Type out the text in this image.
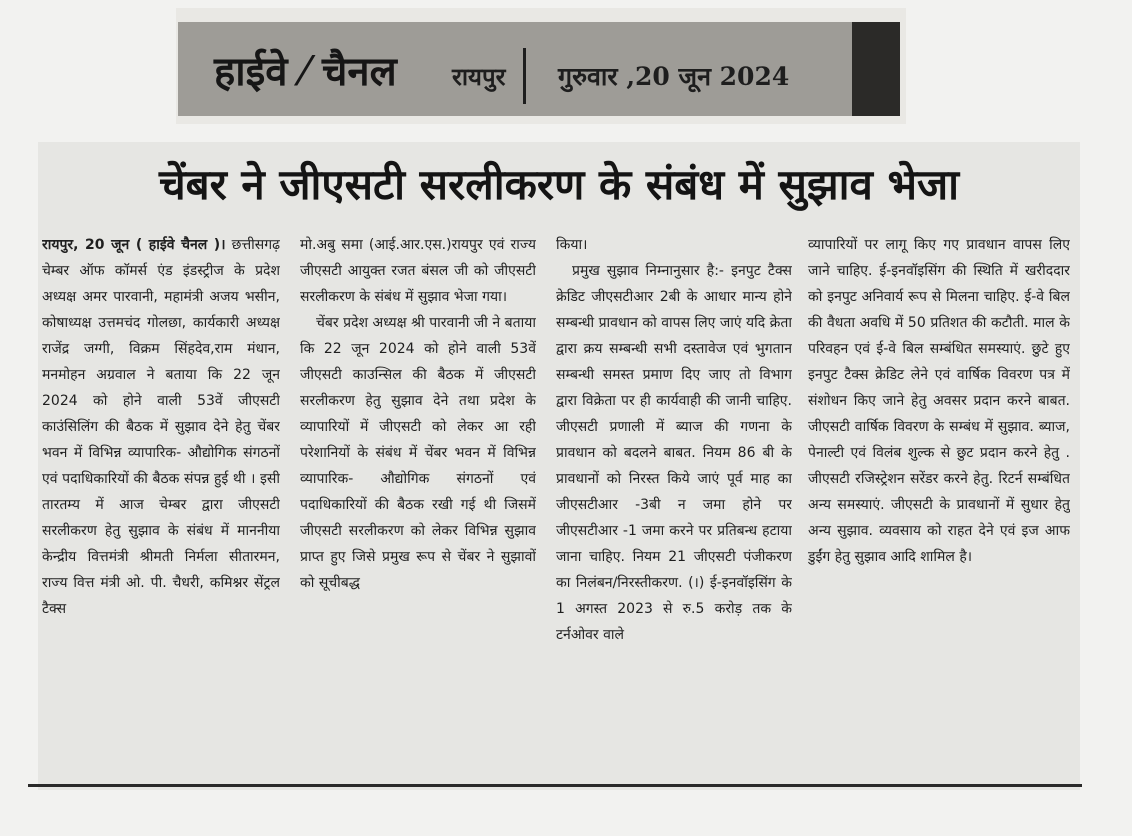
हाईवे ⁄ चैनल रायपुर गुरुवार ,20 जून 2024
चेंबर ने जीएसटी सरलीकरण के संबंध में सुझाव भेजा

रायपुर, 20 जून ( हाईवे चैनल )। छत्तीसगढ़ चेम्बर ऑफ कॉमर्स एंड इंडस्ट्रीज के प्रदेश अध्यक्ष अमर पारवानी, महामंत्री अजय भसीन, कोषाध्यक्ष उत्तमचंद गोलछा, कार्यकारी अध्यक्ष राजेंद्र जग्गी, विक्रम सिंहदेव,राम मंधान, मनमोहन अग्रवाल ने बताया कि 22 जून 2024 को होने वाली 53वें जीएसटी काउंसिलिंग की बैठक में सुझाव देने हेतु चेंबर भवन में विभिन्न व्यापारिक- औद्योगिक संगठनों एवं पदाधिकारियों की बैठक संपन्न हुई थी । इसी तारतम्य में आज चेम्बर द्वारा जीएसटी सरलीकरण हेतु सुझाव के संबंध में माननीया केन्द्रीय वित्तमंत्री श्रीमती निर्मला सीतारमन, राज्य वित्त मंत्री ओ. पी. चैधरी, कमिश्नर सेंट्रल टैक्स

मो.अबु समा (आई.आर.एस.)रायपुर एवं राज्य जीएसटी आयुक्त रजत बंसल जी को जीएसटी सरलीकरण के संबंध में सुझाव भेजा गया।

चेंबर प्रदेश अध्यक्ष श्री पारवानी जी ने बताया कि 22 जून 2024 को होने वाली 53वें जीएसटी काउन्सिल की बैठक में जीएसटी सरलीकरण हेतु सुझाव देने तथा प्रदेश के व्यापारियों में जीएसटी को लेकर आ रही परेशानियों के संबंध में चेंबर भवन में विभिन्न व्यापारिक- औद्योगिक संगठनों एवं पदाधिकारियों की बैठक रखी गई थी जिसमें जीएसटी सरलीकरण को लेकर विभिन्न सुझाव प्राप्त हुए जिसे प्रमुख रूप से चेंबर ने सुझावों को सूचीबद्ध

किया।

प्रमुख सुझाव निम्नानुसार है:- इनपुट टैक्स क्रेडिट जीएसटीआर 2बी के आधार मान्य होने सम्बन्धी प्रावधान को वापस लिए जाएं यदि क्रेता द्वारा क्रय सम्बन्धी सभी दस्तावेज एवं भुगतान सम्बन्धी समस्त प्रमाण दिए जाए तो विभाग द्वारा विक्रेता पर ही कार्यवाही की जानी चाहिए. जीएसटी प्रणाली में ब्याज की गणना के प्रावधान को बदलने बाबत. नियम 86 बी के प्रावधानों को निरस्त किये जाएं पूर्व माह का जीएसटीआर -3बी न जमा होने पर जीएसटीआर -1 जमा करने पर प्रतिबन्ध हटाया जाना चाहिए. नियम 21 जीएसटी पंजीकरण का निलंबन/निरस्तीकरण. (।) ई-इनवॉइसिंग के 1 अगस्त 2023 से रु.5 करोड़ तक के टर्नओवर वाले

व्यापारियों पर लागू किए गए प्रावधान वापस लिए जाने चाहिए. ई-इनवॉइसिंग की स्थिति में खरीददार को इनपुट अनिवार्य रूप से मिलना चाहिए. ई-वे बिल की वैधता अवधि में 50 प्रतिशत की कटौती. माल के परिवहन एवं ई-वे बिल सम्बंधित समस्याएं. छुटे हुए इनपुट टैक्स क्रेडिट लेने एवं वार्षिक विवरण पत्र में संशोधन किए जाने हेतु अवसर प्रदान करने बाबत. जीएसटी वार्षिक विवरण के सम्बंध में सुझाव. ब्याज, पेनाल्टी एवं विलंब शुल्क से छुट प्रदान करने हेतु . जीएसटी रजिस्ट्रेशन सरेंडर करने हेतु. रिटर्न सम्बंधित अन्य समस्याएं. जीएसटी के प्रावधानों में सुधार हेतु अन्य सुझाव. व्यवसाय को राहत देने एवं इज आफ डुईंग हेतु सुझाव आदि शामिल है।
